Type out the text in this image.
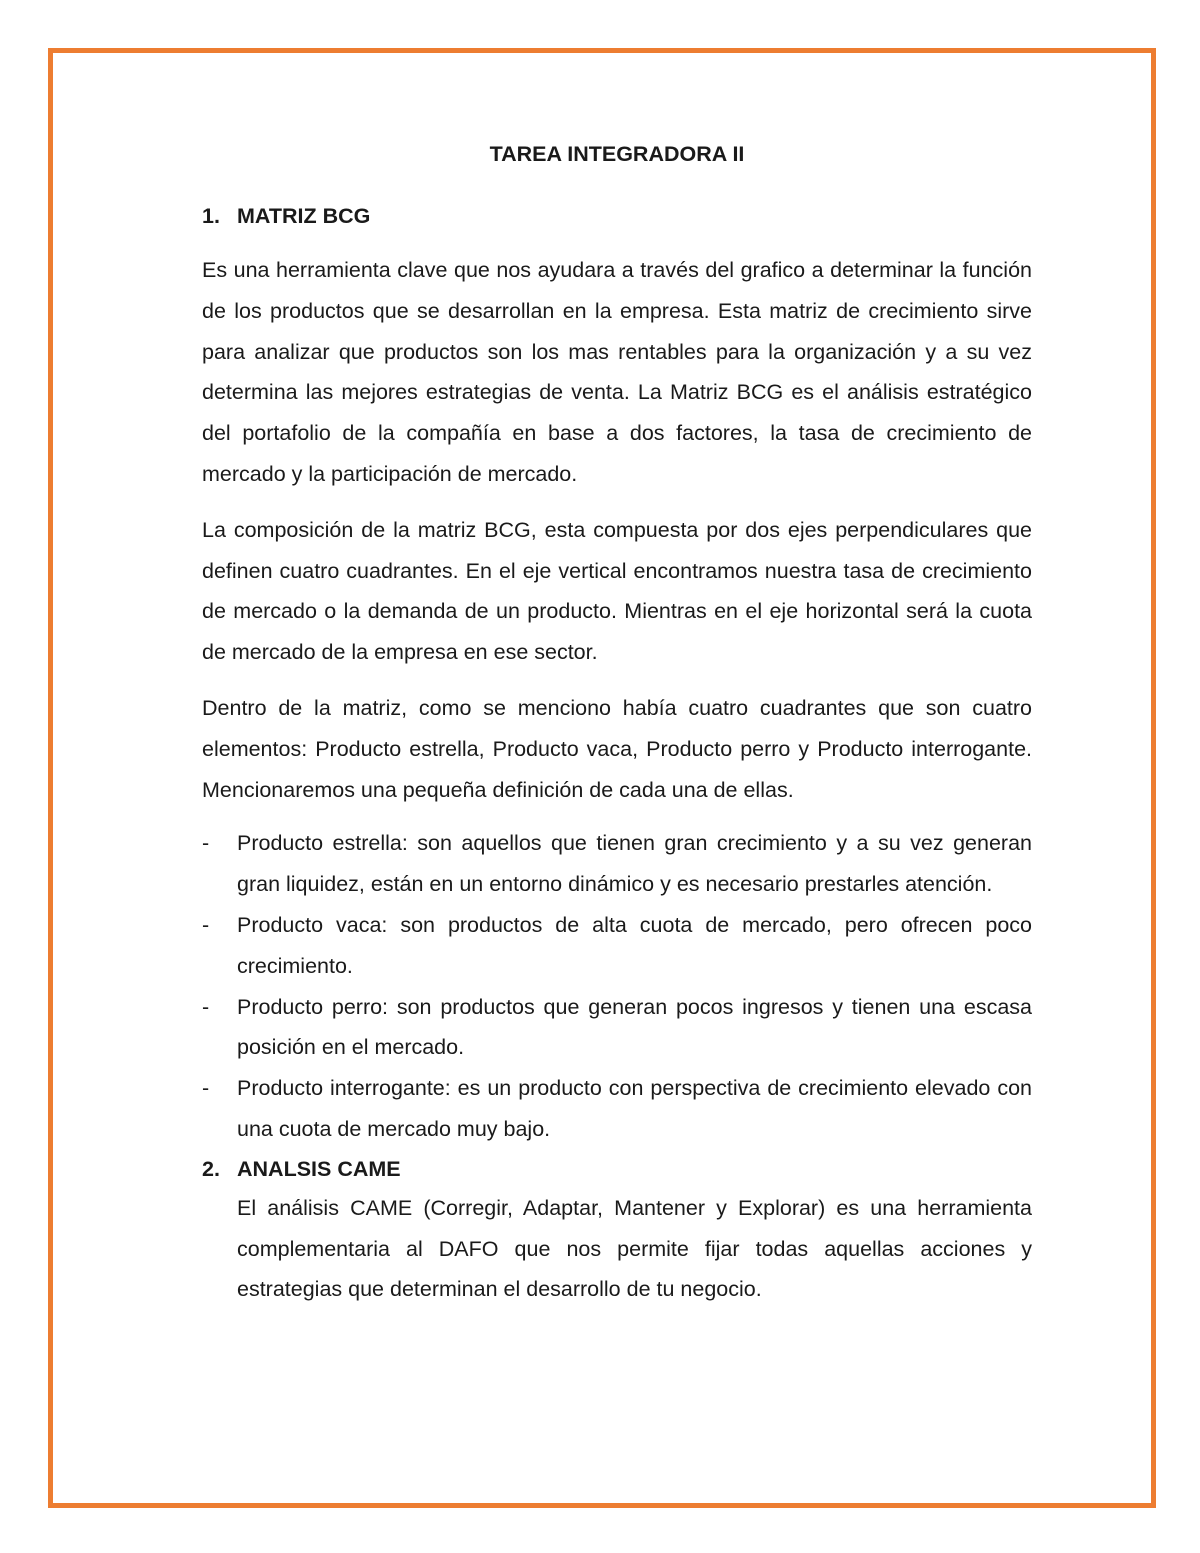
TAREA INTEGRADORA II
1. MATRIZ BCG

Es una herramienta clave que nos ayudara a través del grafico a determinar la función de los productos que se desarrollan en la empresa. Esta matriz de crecimiento sirve para analizar que productos son los mas rentables para la organización y a su vez determina las mejores estrategias de venta. La Matriz BCG es el análisis estratégico del portafolio de la compañía en base a dos factores, la tasa de crecimiento de mercado y la participación de mercado.

La composición de la matriz BCG, esta compuesta por dos ejes perpendiculares que definen cuatro cuadrantes. En el eje vertical encontramos nuestra tasa de crecimiento de mercado o la demanda de un producto. Mientras en el eje horizontal será la cuota de mercado de la empresa en ese sector.

Dentro de la matriz, como se menciono había cuatro cuadrantes que son cuatro elementos: Producto estrella, Producto vaca, Producto perro y Producto interrogante. Mencionaremos una pequeña definición de cada una de ellas.

-	Producto estrella: son aquellos que tienen gran crecimiento y a su vez generan gran liquidez, están en un entorno dinámico y es necesario prestarles atención.
-	Producto vaca: son productos de alta cuota de mercado, pero ofrecen poco crecimiento.
-	Producto perro: son productos que generan pocos ingresos y tienen una escasa posición en el mercado.
-	Producto interrogante: es un producto con perspectiva de crecimiento elevado con una cuota de mercado muy bajo.
2. ANALSIS CAME

El análisis CAME (Corregir, Adaptar, Mantener y Explorar) es una herramienta complementaria al DAFO que nos permite fijar todas aquellas acciones y estrategias que determinan el desarrollo de tu negocio.
